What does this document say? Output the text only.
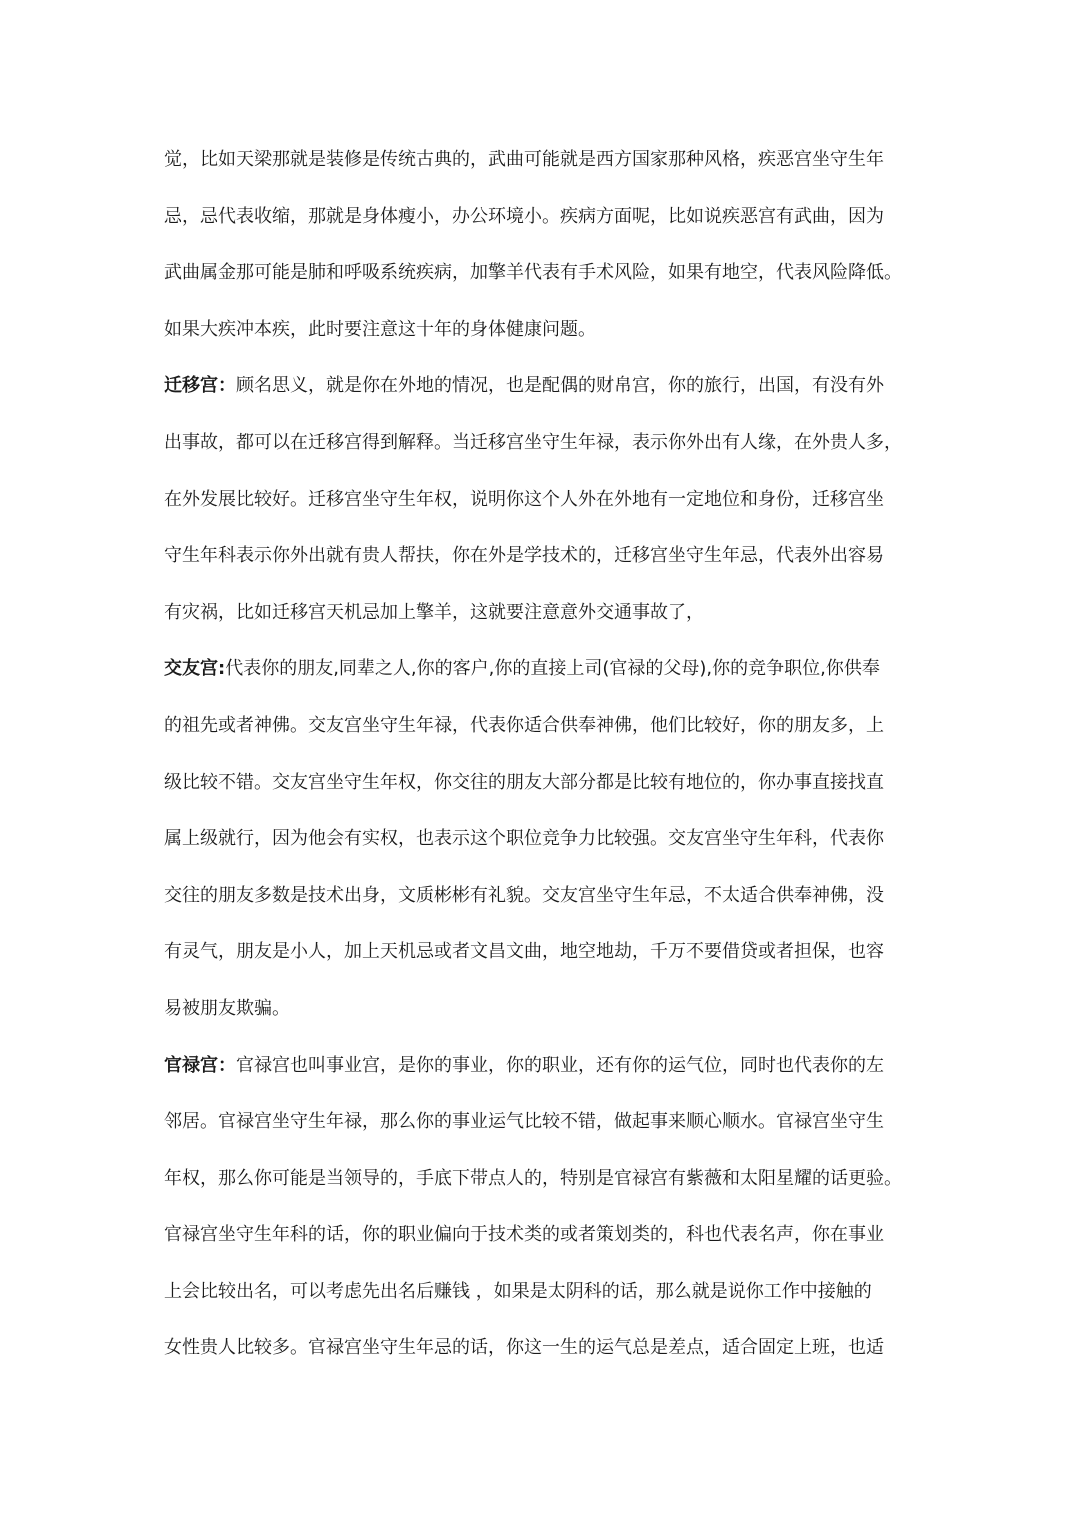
觉，比如天梁那就是装修是传统古典的，武曲可能就是西方国家那种风格，疾恶宫坐守生年
忌，忌代表收缩，那就是身体瘦小，办公环境小。疾病方面呢，比如说疾恶宫有武曲，因为
武曲属金那可能是肺和呼吸系统疾病，加擎羊代表有手术风险，如果有地空，代表风险降低。
如果大疾冲本疾，此时要注意这十年的身体健康问题。
迁移宫：顾名思义，就是你在外地的情况，也是配偶的财帛宫，你的旅行，出国，有没有外
出事故，都可以在迁移宫得到解释。当迁移宫坐守生年禄，表示你外出有人缘，在外贵人多，
在外发展比较好。迁移宫坐守生年权，说明你这个人外在外地有一定地位和身份，迁移宫坐
守生年科表示你外出就有贵人帮扶，你在外是学技术的，迁移宫坐守生年忌，代表外出容易
有灾祸，比如迁移宫天机忌加上擎羊，这就要注意意外交通事故了，
交友宫:代表你的朋友,同辈之人,你的客户,你的直接上司(官禄的父母),你的竞争职位,你供奉
的祖先或者神佛。交友宫坐守生年禄，代表你适合供奉神佛，他们比较好，你的朋友多，上
级比较不错。交友宫坐守生年权，你交往的朋友大部分都是比较有地位的，你办事直接找直
属上级就行，因为他会有实权，也表示这个职位竞争力比较强。交友宫坐守生年科，代表你
交往的朋友多数是技术出身，文质彬彬有礼貌。交友宫坐守生年忌，不太适合供奉神佛，没
有灵气，朋友是小人，加上天机忌或者文昌文曲，地空地劫，千万不要借贷或者担保，也容
易被朋友欺骗。
官禄宫：官禄宫也叫事业宫，是你的事业，你的职业，还有你的运气位，同时也代表你的左
邻居。官禄宫坐守生年禄，那么你的事业运气比较不错，做起事来顺心顺水。官禄宫坐守生
年权，那么你可能是当领导的，手底下带点人的，特别是官禄宫有紫薇和太阳星耀的话更验。
官禄宫坐守生年科的话，你的职业偏向于技术类的或者策划类的，科也代表名声，你在事业
上会比较出名，可以考虑先出名后赚钱 ，如果是太阴科的话，那么就是说你工作中接触的
女性贵人比较多。官禄宫坐守生年忌的话，你这一生的运气总是差点，适合固定上班，也适
